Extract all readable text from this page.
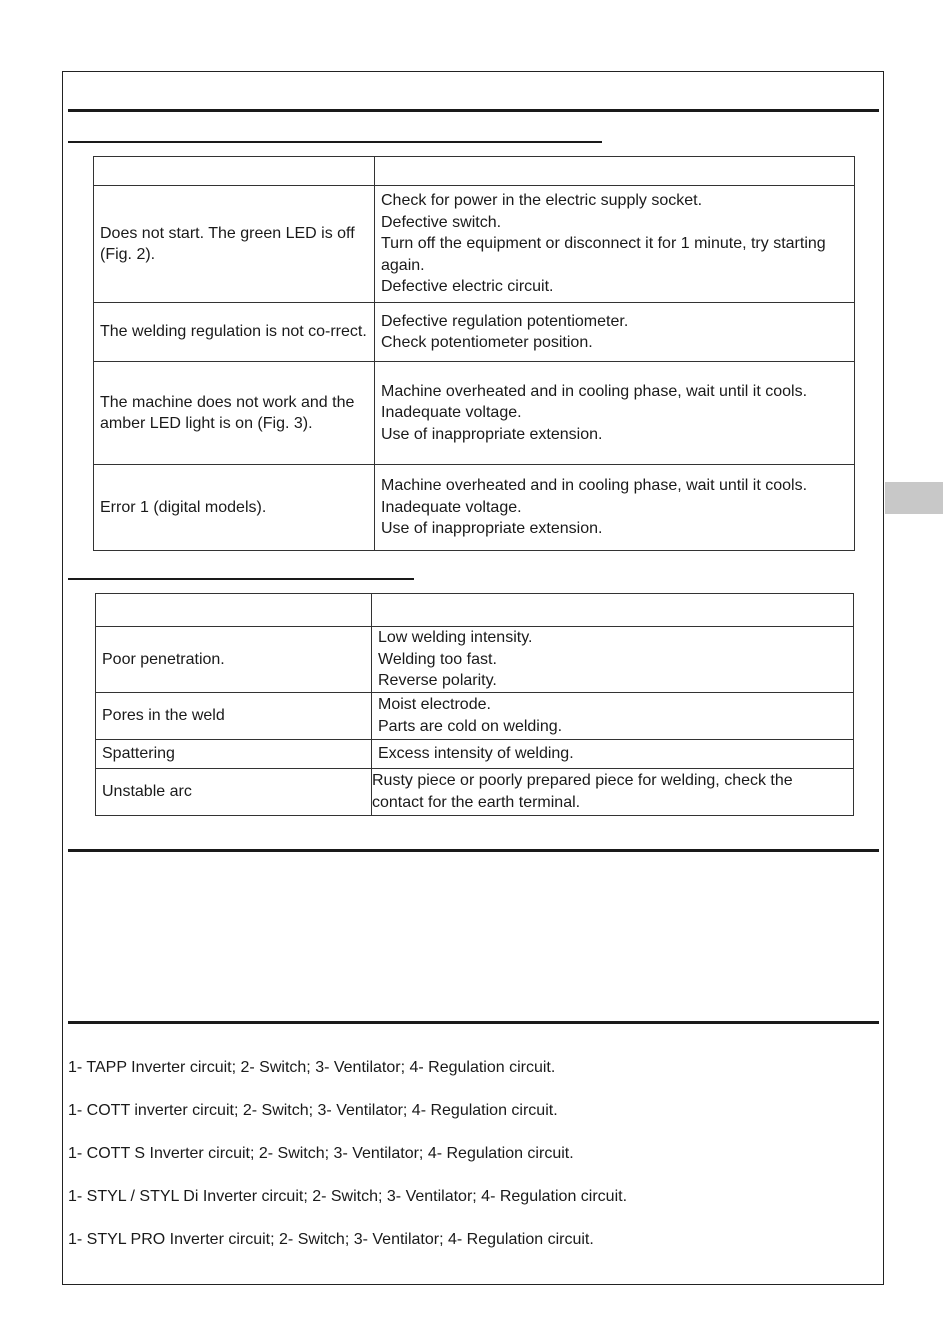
Does not start. The green LED is off (Fig. 2).	Check for power in the electric supply socket.
Defective switch.
Turn off the equipment or disconnect it for 1 minute, try starting again.
Defective electric circuit.

The welding regulation is not co-rrect.	Defective regulation potentiometer.
Check potentiometer position.

The machine does not work and the amber LED light is on (Fig. 3).	Machine overheated and in cooling phase, wait until it cools.
Inadequate voltage.
Use of inappropriate extension.

Error 1 (digital models).	Machine overheated and in cooling phase, wait until it cools.
Inadequate voltage.
Use of inappropriate extension.

Poor penetration.	Low welding intensity.
Welding too fast.
Reverse polarity.

Pores in the weld	Moist electrode.
Parts are cold on welding.

Spattering	Excess intensity of welding.

Unstable arc	Rusty piece or poorly prepared piece for welding, check the contact for the earth terminal.
1- TAPP Inverter circuit; 2- Switch; 3- Ventilator; 4- Regulation circuit.
1- COTT inverter circuit; 2- Switch; 3- Ventilator; 4- Regulation circuit.
1- COTT S Inverter circuit; 2- Switch; 3- Ventilator; 4- Regulation circuit.
1- STYL / STYL Di Inverter circuit; 2- Switch; 3- Ventilator; 4- Regulation circuit.
1- STYL PRO Inverter circuit; 2- Switch; 3- Ventilator; 4- Regulation circuit.
